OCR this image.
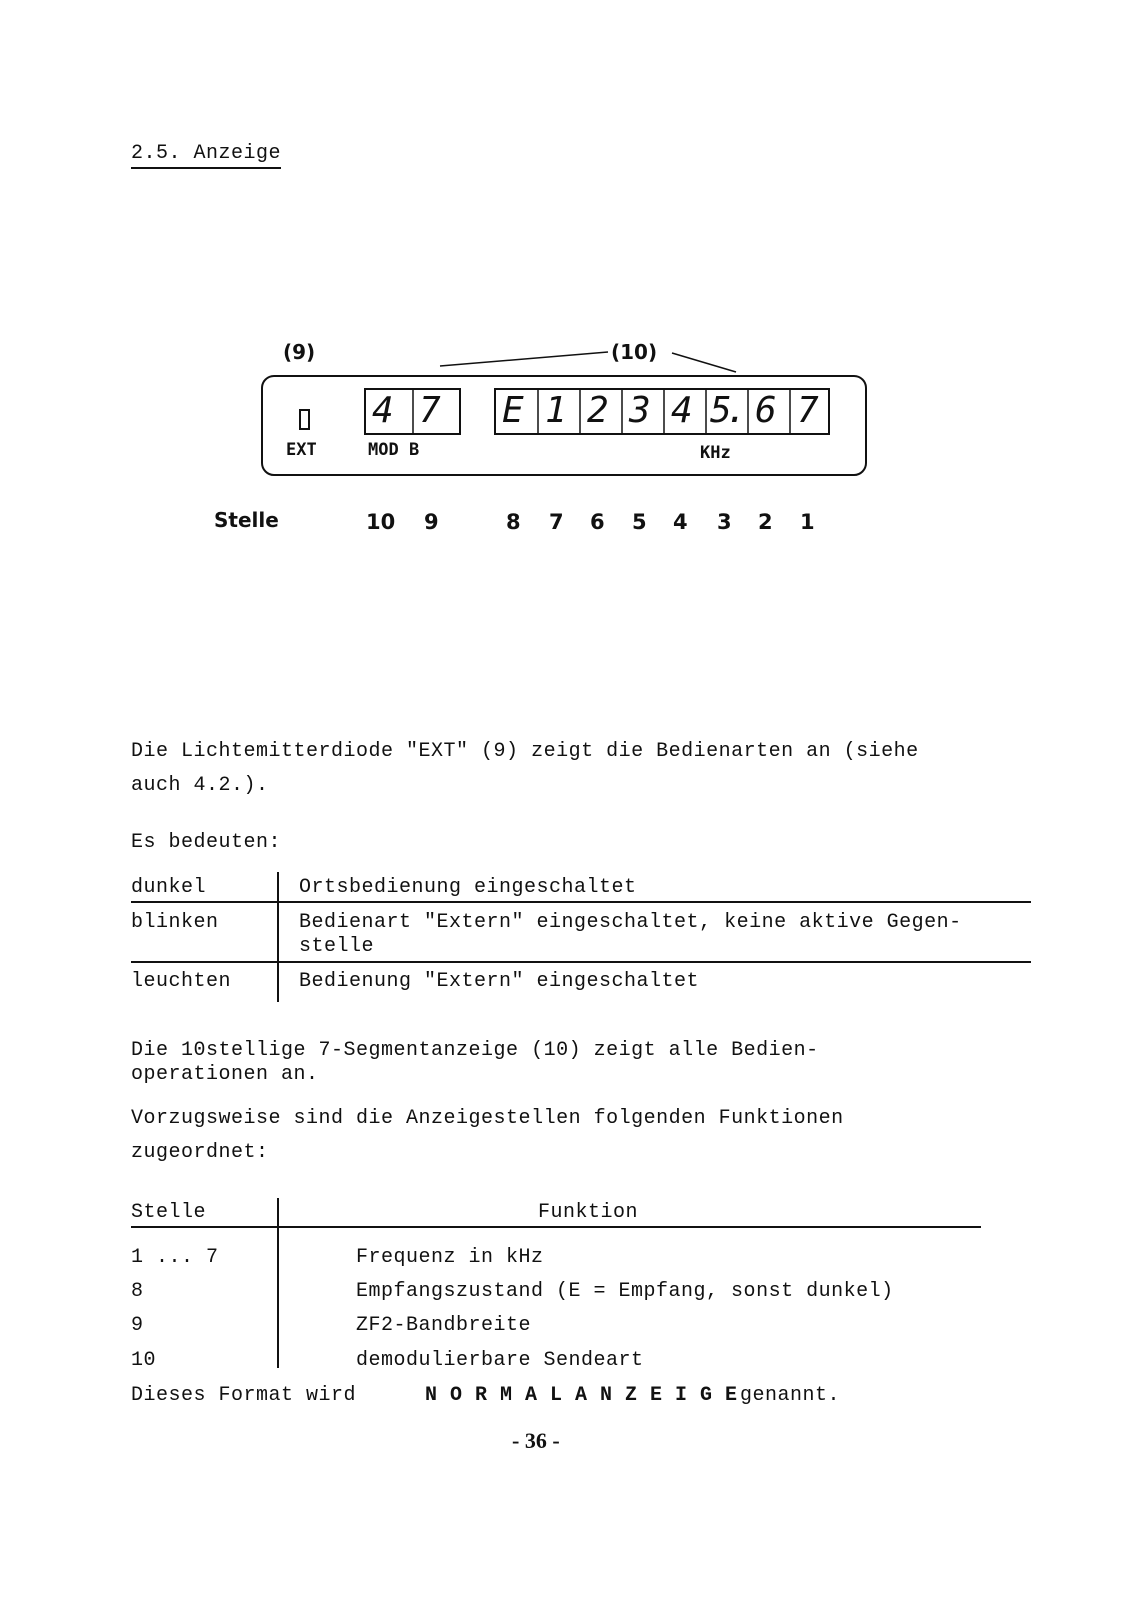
2.5. Anzeige
(9)	(10)
4 7 E 1 2 3 4 5. 6 7
EXT	MOD B	KHz
Stelle	10 9	8 7 6 5 4 3 2 1
Die Lichtemitterdiode "EXT" (9) zeigt die Bedienarten an (siehe
auch 4.2.).
Es bedeuten:
dunkel	Ortsbedienung eingeschaltet
blinken	Bedienart "Extern" eingeschaltet, keine aktive Gegen-
stelle
leuchten	Bedienung "Extern" eingeschaltet
Die 10stellige 7-Segmentanzeige (10) zeigt alle Bedien-
operationen an.
Vorzugsweise sind die Anzeigestellen folgenden Funktionen
zugeordnet:
Stelle	Funktion
1 ... 7	Frequenz in kHz
8	Empfangszustand (E = Empfang, sonst dunkel)
9	ZF2-Bandbreite
10	demodulierbare Sendeart
Dieses Format wird	N O R M A L A N Z E I G E genannt.
- 36 -
